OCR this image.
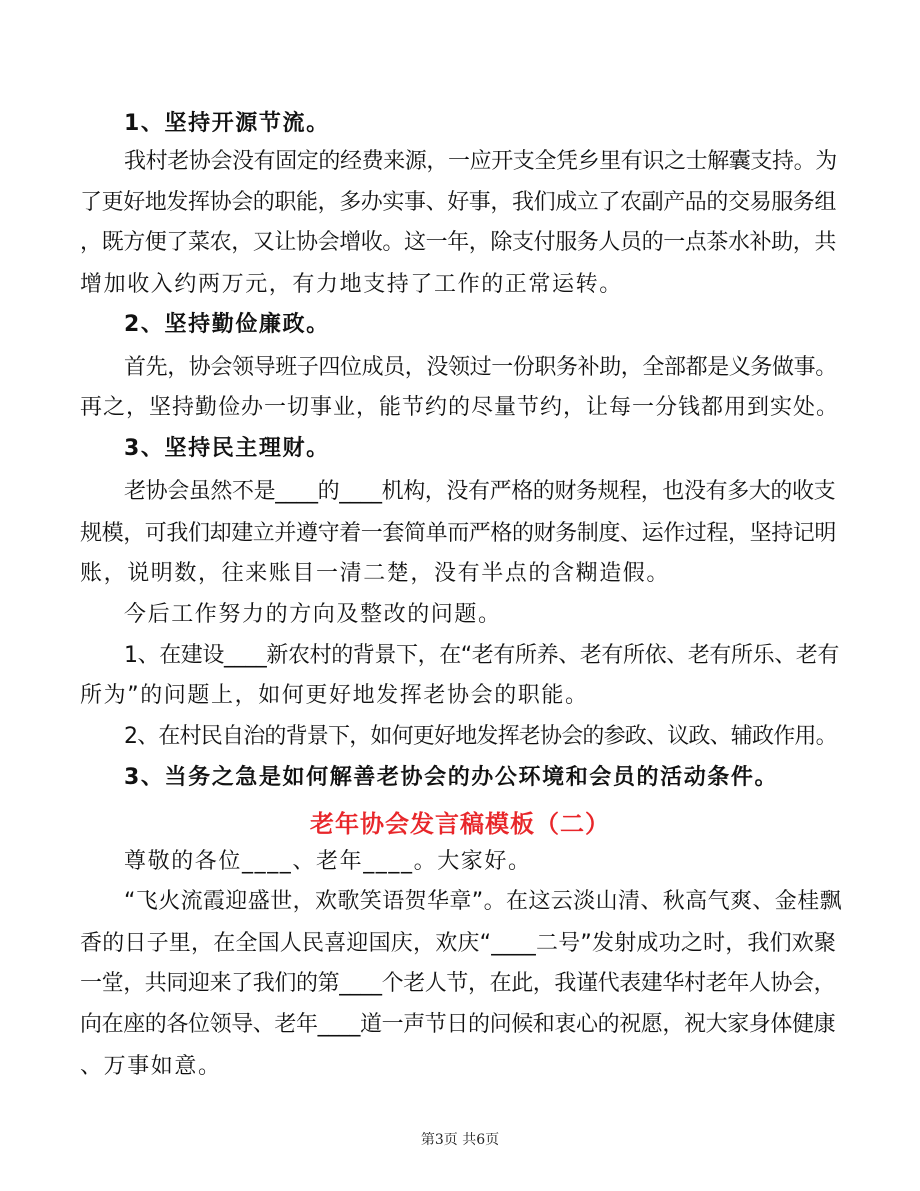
1、坚持开源节流。
我村老协会没有固定的经费来源，一应开支全凭乡里有识之士解囊支持。为
了更好地发挥协会的职能，多办实事、好事，我们成立了农副产品的交易服务组
，既方便了菜农，又让协会增收。这一年，除支付服务人员的一点茶水补助，共
增加收入约两万元，有力地支持了工作的正常运转。
2、坚持勤俭廉政。
首先，协会领导班子四位成员，没领过一份职务补助，全部都是义务做事。
再之，坚持勤俭办一切事业，能节约的尽量节约，让每一分钱都用到实处。
3、坚持民主理财。
老协会虽然不是____的____机构，没有严格的财务规程，也没有多大的收支
规模，可我们却建立并遵守着一套简单而严格的财务制度、运作过程，坚持记明
账，说明数，往来账目一清二楚，没有半点的含糊造假。
今后工作努力的方向及整改的问题。
1、在建设____新农村的背景下，在“老有所养、老有所依、老有所乐、老有
所为”的问题上，如何更好地发挥老协会的职能。
2、在村民自治的背景下，如何更好地发挥老协会的参政、议政、辅政作用。
3、当务之急是如何解善老协会的办公环境和会员的活动条件。
老年协会发言稿模板（二）
尊敬的各位____、老年____。大家好。
“飞火流霞迎盛世，欢歌笑语贺华章”。在这云淡山清、秋高气爽、金桂飘
香的日子里，在全国人民喜迎国庆，欢庆“____二号”发射成功之时，我们欢聚
一堂，共同迎来了我们的第____个老人节，在此，我谨代表建华村老年人协会，
向在座的各位领导、老年____道一声节日的问候和衷心的祝愿，祝大家身体健康
、万事如意。
第3页 共6页
